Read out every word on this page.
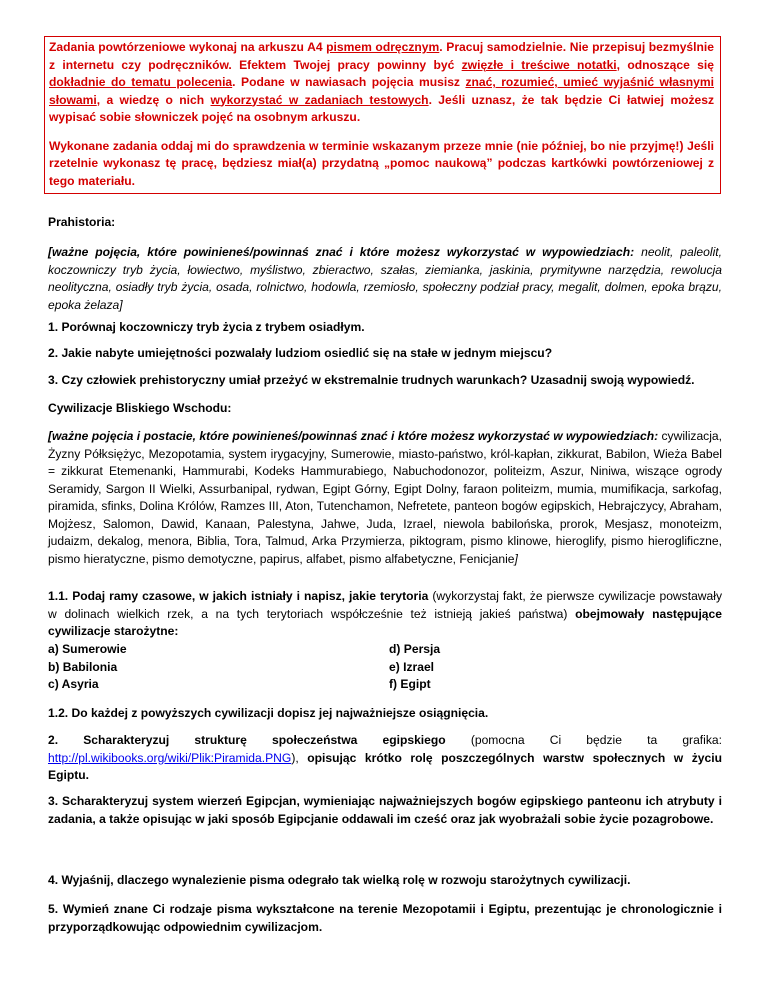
Zadania powtórzeniowe wykonaj na arkuszu A4 pismem odręcznym. Pracuj samodzielnie. Nie przepisuj bezmyślnie z internetu czy podręczników. Efektem Twojej pracy powinny być zwięzłe i treściwe notatki, odnoszące się dokładnie do tematu polecenia. Podane w nawiasach pojęcia musisz znać, rozumieć, umieć wyjaśnić własnymi słowami, a wiedzę o nich wykorzystać w zadaniach testowych. Jeśli uznasz, że tak będzie Ci łatwiej możesz wypisać sobie słowniczek pojęć na osobnym arkuszu.

Wykonane zadania oddaj mi do sprawdzenia w terminie wskazanym przeze mnie (nie później, bo nie przyjmę!) Jeśli rzetelnie wykonasz tę pracę, będziesz miał(a) przydatną „pomoc naukową” podczas kartkówki powtórzeniowej z tego materiału.

Prahistoria:

[ważne pojęcia, które powinieneś/powinnaś znać i które możesz wykorzystać w wypowiedziach: neolit, paleolit, koczowniczy tryb życia, łowiectwo, myślistwo, zbieractwo, szałas, ziemianka, jaskinia, prymitywne narzędzia, rewolucja neolityczna, osiadły tryb życia, osada, rolnictwo, hodowla, rzemiosło, społeczny podział pracy, megalit, dolmen, epoka brązu, epoka żelaza]

1. Porównaj koczowniczy tryb życia z trybem osiadłym.

2. Jakie nabyte umiejętności pozwalały ludziom osiedlić się na stałe w jednym miejscu?

3. Czy człowiek prehistoryczny umiał przeżyć w ekstremalnie trudnych warunkach? Uzasadnij swoją wypowiedź.

Cywilizacje Bliskiego Wschodu:

[ważne pojęcia i postacie, które powinieneś/powinnaś znać i które możesz wykorzystać w wypowiedziach: cywilizacja, Żyzny Półksiężyc, Mezopotamia, system irygacyjny, Sumerowie, miasto-państwo, król-kapłan, zikkurat, Babilon, Wieża Babel = zikkurat Etemenanki, Hammurabi, Kodeks Hammurabiego, Nabuchodonozor, politeizm, Aszur, Niniwa, wiszące ogrody Seramidy, Sargon II Wielki, Assurbanipal, rydwan, Egipt Górny, Egipt Dolny, faraon politeizm, mumia, mumifikacja, sarkofag, piramida, sfinks, Dolina Królów, Ramzes III, Aton, Tutenchamon, Nefretete, panteon bogów egipskich, Hebrajczycy, Abraham, Mojżesz, Salomon, Dawid, Kanaan, Palestyna, Jahwe, Juda, Izrael, niewola babilońska, prorok, Mesjasz, monoteizm, judaizm, dekalog, menora, Biblia, Tora, Talmud, Arka Przymierza, piktogram, pismo klinowe, hieroglify, pismo hieroglificzne, pismo hieratyczne, pismo demotyczne, papirus, alfabet, pismo alfabetyczne, Fenicjanie]

1.1. Podaj ramy czasowe, w jakich istniały i napisz, jakie terytoria (wykorzystaj fakt, że pierwsze cywilizacje powstawały w dolinach wielkich rzek, a na tych terytoriach współcześnie też istnieją jakieś państwa) obejmowały następujące cywilizacje starożytne:

a) Sumerowie

b) Babilonia

c) Asyria

d) Persja

e) Izrael

f) Egipt

1.2. Do każdej z powyższych cywilizacji dopisz jej najważniejsze osiągnięcia.

2.     Scharakteryzuj     strukturę     społeczeństwa     egipskiego     (pomocna     Ci     będzie     ta     grafika: http://pl.wikibooks.org/wiki/Plik:Piramida.PNG), opisując krótko rolę poszczególnych warstw społecznych w życiu Egiptu.

3. Scharakteryzuj system wierzeń Egipcjan, wymieniając najważniejszych bogów egipskiego panteonu ich atrybuty i zadania, a także opisując w jaki sposób Egipcjanie oddawali im cześć oraz jak wyobrażali sobie życie pozagrobowe.

4. Wyjaśnij, dlaczego wynalezienie pisma odegrało tak wielką rolę w rozwoju starożytnych cywilizacji.

5. Wymień znane Ci rodzaje pisma wykształcone na terenie Mezopotamii i Egiptu, prezentując je chronologicznie i przyporządkowując odpowiednim cywilizacjom.
